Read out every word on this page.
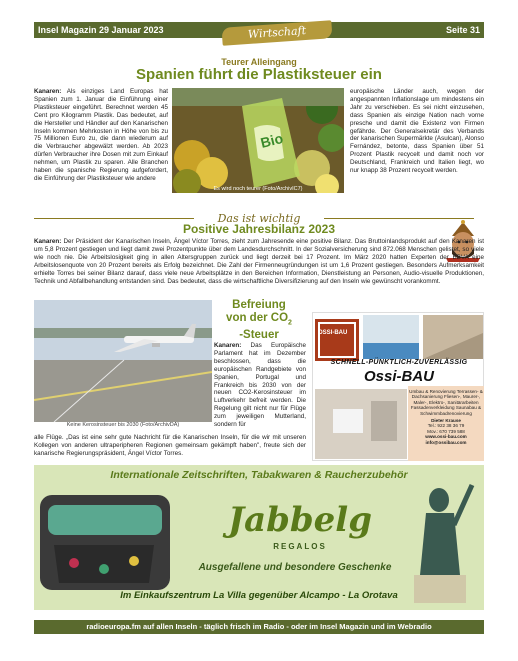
Insel Magazin 29 Januar 2023	Seite 31
Wirtschaft
Teurer Alleingang
Spanien führt die Plastiksteuer ein
Kanaren: Als einziges Land Europas hat Spanien zum 1. Januar die Einführung einer Plastiksteuer eingeführt. Berechnet werden 45 Cent pro Kilogramm Plastik. Das bedeutet, auf die Hersteller und Händler auf den Kanarischen Inseln kommen Mehrkosten in Höhe von bis zu 75 Millionen Euro zu, die dann wiederum auf die Verbraucher abgewälzt werden. Ab 2023 dürfen Verbraucher ihre Dosen mit zum Einkauf nehmen, um Plastik zu sparen. Alle Branchen haben die spanische Regierung aufgefordert, die Einführung der Plastiksteuer wie andere
Bio
Es wird noch teurer (Foto/ArchivIC7)
europäische Länder auch, wegen der angespannten Inflationslage um mindestens ein Jahr zu verschieben. Es sei nicht einzusehen, dass Spanien als einzige Nation nach vorne presche und damit die Existenz von Firmen gefährde. Der Generalsekretär des Verbands der kanarischen Supermärkte (Asulcan), Alonso Fernández, betonte, dass Spanien über 51 Prozent Plastik recycelt und damit noch vor Deutschland, Frankreich und Italien liegt, wo nur knapp 38 Prozent recycelt werden.
Das ist wichtig
Positive Jahresbilanz 2023
Kanaren: Der Präsident der Kanarischen Inseln, Ángel Víctor Torres, zieht zum Jahresende eine positive Bilanz. Das Bruttoinlandsprodukt auf den Kanaren ist um 5,8 Prozent gestiegen und liegt damit zwei Prozentpunkte über dem Landesdurchschnitt. In der Sozialversicherung sind 872.068 Menschen gelistet, so viele wie noch nie. Die Arbeitslosigkeit ging in allen Altersgruppen zurück und liegt derzeit bei 17 Prozent. Im März 2020 hatten Experten der BBVA eine Arbeitslosenquote von 20 Prozent bereits als Erfolg bezeichnet. Die Zahl der Firmenneugründungen ist um 1,6 Prozent gestiegen. Besonders Aufmerksamkeit erhielte Torres bei seiner Bilanz darauf, dass viele neue Arbeitsplätze in den Bereichen Information, Dienstleistung an Personen, Audio-visuelle Produktionen, Technik und Abfallbehandlung entstanden sind. Das bedeutet, dass die wirtschaftliche Diversifizierung auf den Inseln wie gewünscht vorankommt.
Keine Kerosinsteuer bis 2030 (Foto/ArchivDA)
Befreiung
von der $CO_2$
-Steuer
Kanaren: Das Europäische Parlament hat im Dezember beschlossen, dass die europäischen Randgebiete von Spanien, Portugal und Frankreich bis 2030 von der neuen CO2-Kerosinsteuer im Luftverkehr befreit werden. Die Regelung gilt nicht nur für Flüge zum jeweiligen Mutterland, sondern für
alle Flüge. „Das ist eine sehr gute Nachricht für die Kanarischen Inseln, für die wir mit unseren Kollegen von anderen ultraperipheren Regionen gemeinsam gekämpft haben", freute sich der kanarische Regierungspräsident, Ángel Víctor Torres.
OSSI-BAU
SCHNELL-PÜNKTLICH-ZUVERLÄSSIG
Ossi-BAU
Umbau & Renovierung Terrassen- & Dachsanierung Fliesen-, Maurer-, Maler-, Elektro-, Sanitärarbeiten Fassadenverkleidung Saunabau & Schwimmbadrenovierung
Dieter Krause
Tel.: 922 38 36 79
Mov.: 670 739 588
www.ossi-bau.com
info@ossibau.com
Internationale Zeitschriften, Tabakwaren & Raucherzubehör
Jabbelg
REGALOS
Ausgefallene und besondere Geschenke
Im Einkaufszentrum La Villa gegenüber Alcampo - La Orotava
radioeuropa.fm auf allen Inseln - täglich frisch im Radio - oder im Insel Magazin und im Webradio
